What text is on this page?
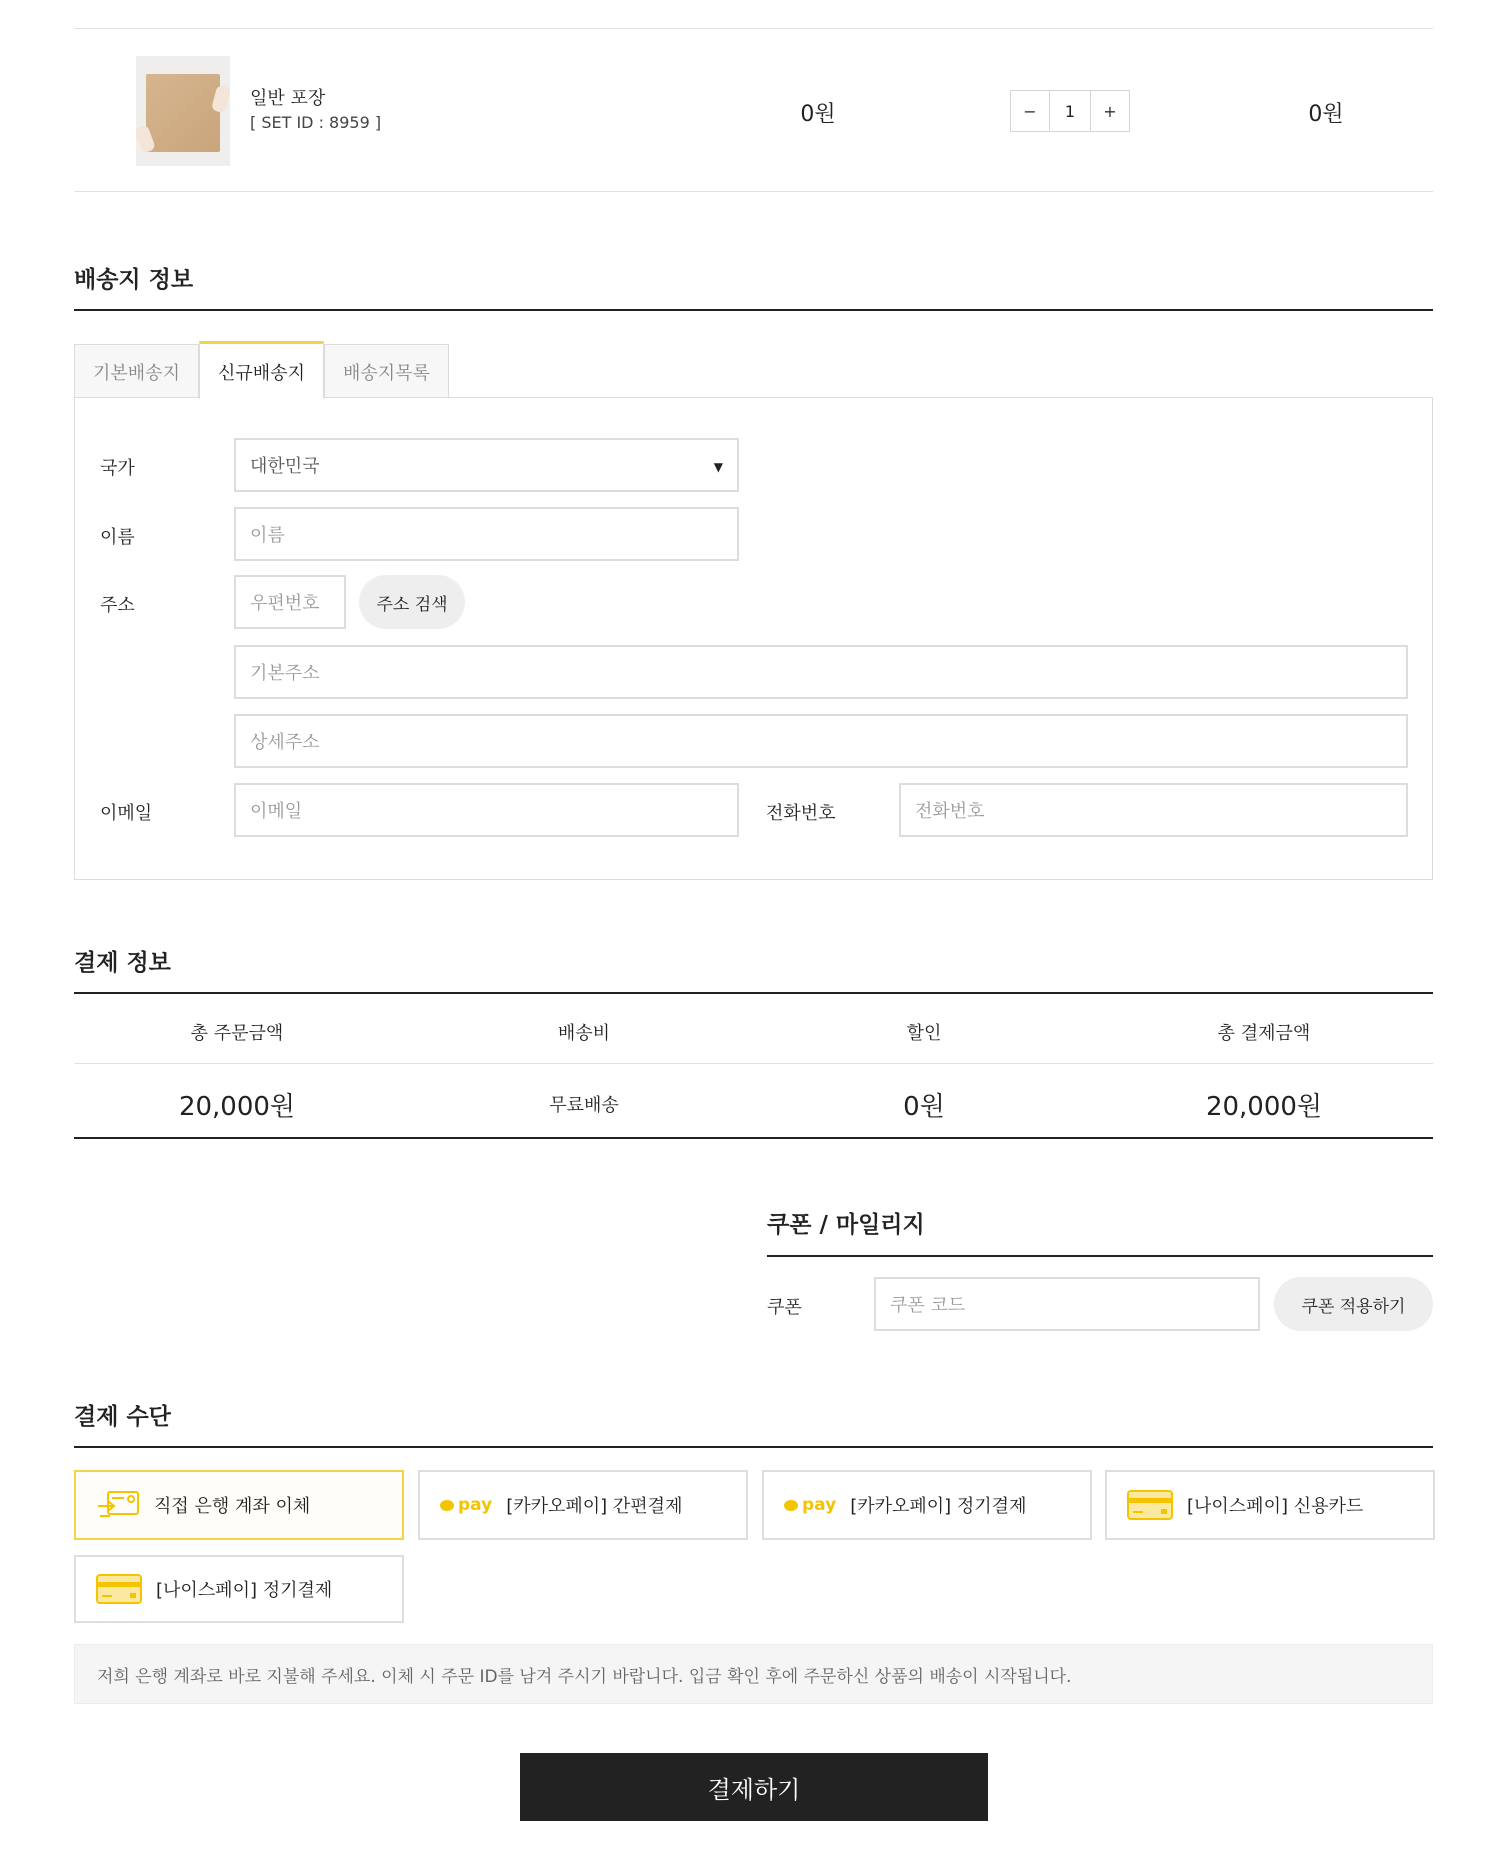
일반 포장
[ SET ID : 8959 ]	0원	−	1	+	0원
배송지 정보
기본배송지	신규배송지	배송지목록
국가	대한민국	▼
이름	이름
주소	우편번호	주소 검색
기본주소
상세주소
이메일	이메일	전화번호	전화번호
결제 정보
총 주문금액	배송비	할인	총 결제금액
20,000원	무료배송	0원	20,000원
쿠폰 / 마일리지
쿠폰	쿠폰 코드	쿠폰 적용하기
결제 수단
직접 은행 계좌 이체	pay [카카오페이] 간편결제	pay [카카오페이] 정기결제	[나이스페이] 신용카드
[나이스페이] 정기결제
저희 은행 계좌로 바로 지불해 주세요. 이체 시 주문 ID를 남겨 주시기 바랍니다. 입금 확인 후에 주문하신 상품의 배송이 시작됩니다.
결제하기
